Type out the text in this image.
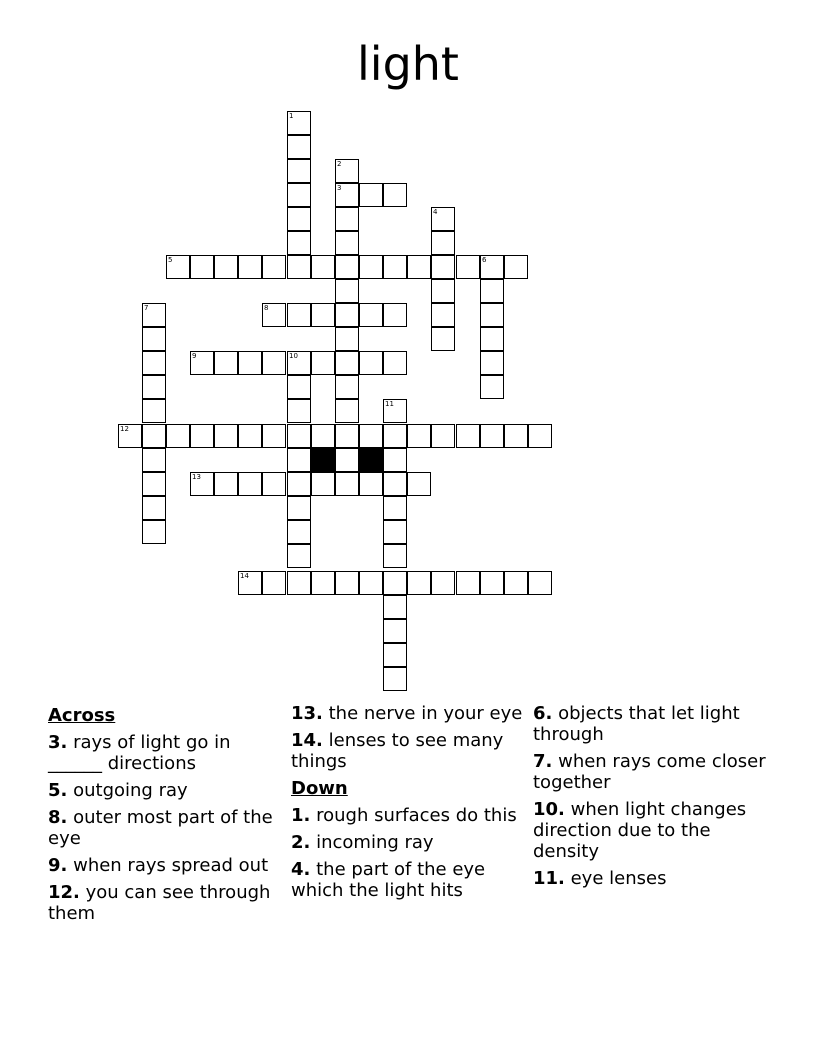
light
1
2
3
4
5	6
7	8
9	10
11
12
13
14
Across
3. rays of light go in ______ directions
5. outgoing ray
8. outer most part of the eye
9. when rays spread out
12. you can see through them
13. the nerve in your eye
14. lenses to see many things
Down
1. rough surfaces do this
2. incoming ray
4. the part of the eye which the light hits
6. objects that let light through
7. when rays come closer together
10. when light changes direction due to the density
11. eye lenses
